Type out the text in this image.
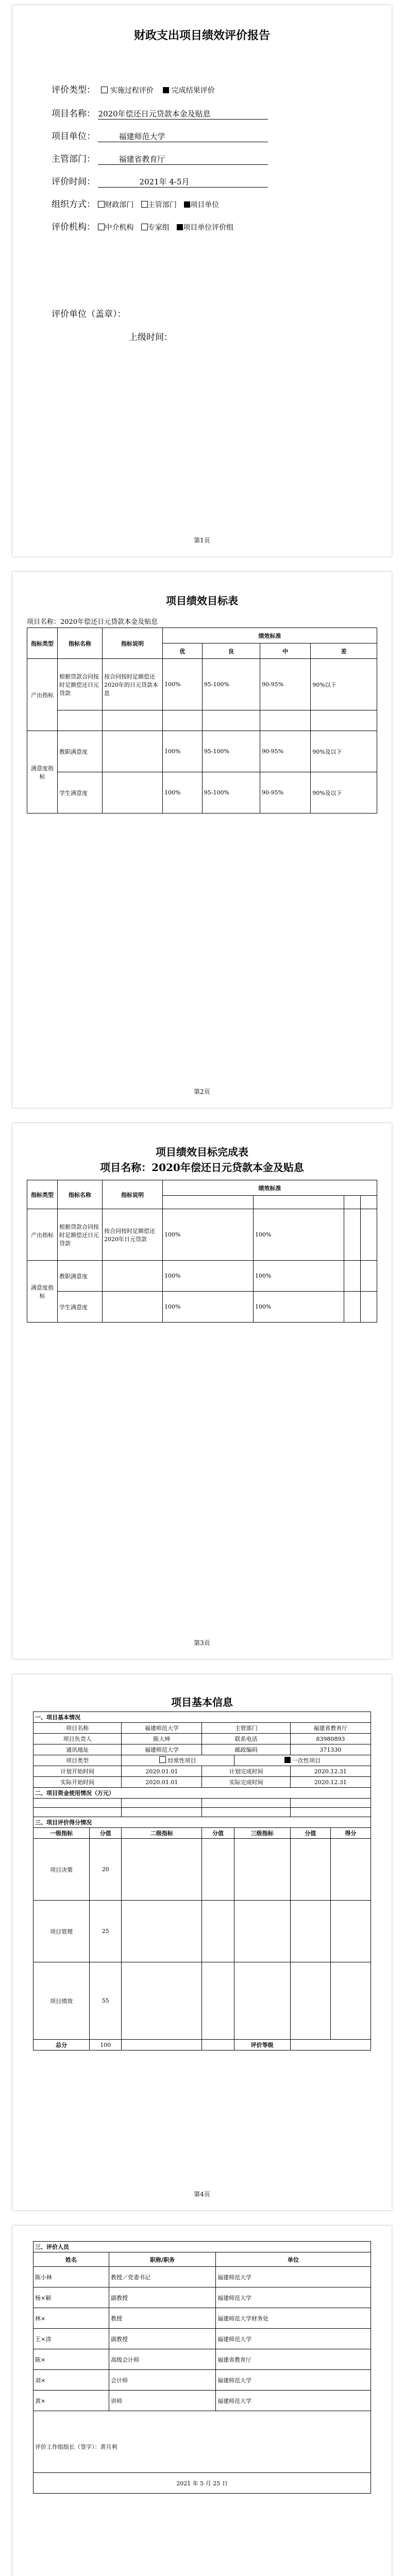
财政支出项目绩效评价报告
评价类型： 实施过程评价 完成结果评价
项目名称： 2020年偿还日元贷款本金及贴息
项目单位：	福建师范大学
主管部门：	福建省教育厅
评价时间：	2021年 4-5月
组织方式： 财政部门 主管部门 项目单位
评价机构： 中介机构 专家组 项目单位评价组
评价单位（盖章）：
上级时间：
第1页
项目绩效目标表
项目名称：2020年偿还日元贷款本金及贴息
指标类型	指标名称	指标说明	绩效标准			
			优	良	中	差
产出指标	根据贷款合同按时足额偿还日元贷款	按合同按时足额偿还2020年的日元贷款本息	100%	95-100%	90-95%	90%以下

满意度指标	教职满意度		100%	95-100%	90-95%	90%及以下
	学生满意度		100%	95-100%	90-95%	90%及以下
第2页
项目绩效目标完成表
项目名称：2020年偿还日元贷款本金及贴息
指标类型	指标名称	指标说明	绩效标准			

产出指标	根据贷款合同按时足额偿还日元贷款	按合同按时足额偿还2020年日元贷款	100%	100%		
满意度指标	教职满意度		100%	100%		
	学生满意度		100%	100%		
第3页
项目基本信息
一、项目基本情况						
项目名称		福建师范大学	主管部门		福建省教育厅	
项目负责人		陈大坤	联系电话		83980893	
通讯地址		福建师范大学	邮政编码		371330	
项目类型		经常性项目		一次性项目		
计划开始时间		2020.01.01	计划完成时间		2020.12.31	
实际开始时间		2020.01.01	实际完成时间		2020.12.31	
二、项目资金使用情况（万元）						

三、项目评价得分情况						
一级指标	分值	二级指标	分值	三级指标	分值	得分
项目决策	20					
项目管理	25					
项目绩效	55					
总分	100			评价等级		
第4页
三、评价人员		
姓名	职称/职务	单位
陈小林	教授／党委书记	福建师范大学
杨×颖	副教授	福建师范大学
林×	教授	福建师范大学财务处
王×清	副教授	福建师范大学
陈×	高级会计师	福建省教育厅
刘×	会计师	福建师范大学
黄×	讲师	福建师范大学

评价工作组组长（签字）：黄月利		

2021 年 5 月 25 日		
